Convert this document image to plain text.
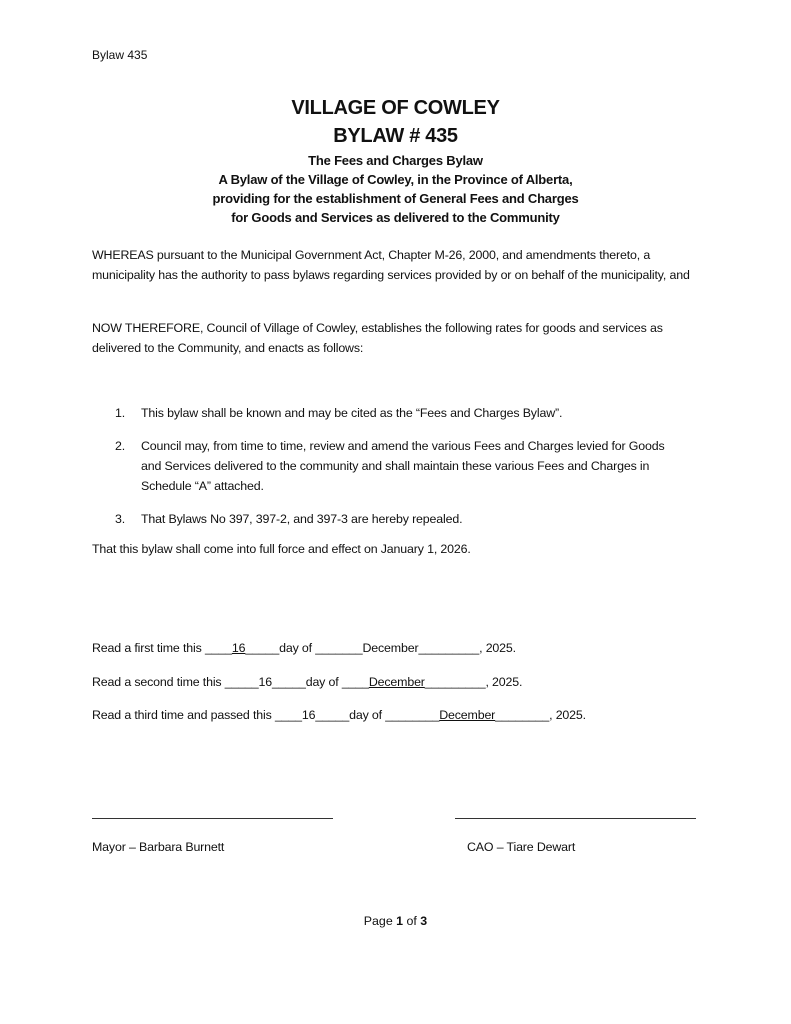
Bylaw 435
VILLAGE OF COWLEY
BYLAW # 435
The Fees and Charges Bylaw
A Bylaw of the Village of Cowley, in the Province of Alberta,
providing for the establishment of General Fees and Charges
for Goods and Services as delivered to the Community
WHEREAS pursuant to the Municipal Government Act, Chapter M-26, 2000, and amendments thereto, a municipality has the authority to pass bylaws regarding services provided by or on behalf of the municipality, and
NOW THEREFORE, Council of Village of Cowley, establishes the following rates for goods and services as delivered to the Community, and enacts as follows:
1. This bylaw shall be known and may be cited as the “Fees and Charges Bylaw”.
2. Council may, from time to time, review and amend the various Fees and Charges levied for Goods and Services delivered to the community and shall maintain these various Fees and Charges in Schedule “A” attached.
3. That Bylaws No 397, 397-2, and 397-3 are hereby repealed.
That this bylaw shall come into full force and effect on January 1, 2026.
Read a first time this ____16_____day of _______December_________, 2025.
Read a second time this _____16_____day of ____December_________, 2025.
Read a third time and passed this ____16_____day of ________December________, 2025.
Mayor – Barbara Burnett	CAO – Tiare Dewart
Page 1 of 3
